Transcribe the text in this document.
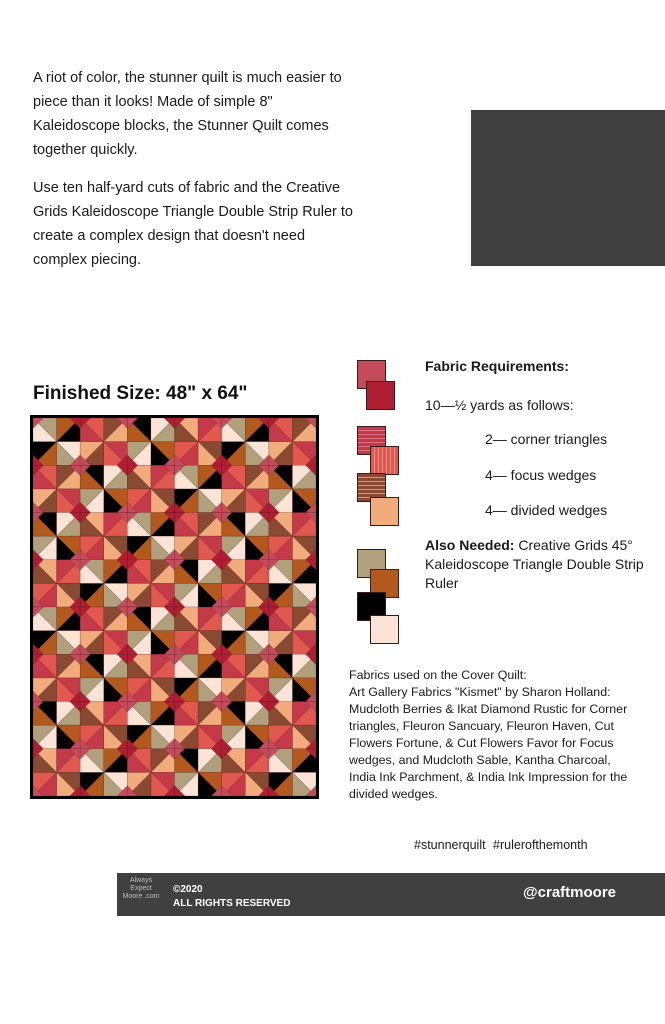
A riot of color, the stunner quilt is much easier to piece than it looks! Made of simple 8" Kaleidoscope blocks, the Stunner Quilt comes together quickly.

Use ten half-yard cuts of fabric and the Creative Grids Kaleidoscope Triangle Double Strip Ruler to create a complex design that doesn't need complex piecing.

Finished Size: 48" x 64"
Fabric Requirements:
10—½ yards as follows:
2— corner triangles
4— focus wedges
4— divided wedges
Also Needed: Creative Grids 45° Kaleidoscope Triangle Double Strip Ruler

Fabrics used on the Cover Quilt:

Art Gallery Fabrics "Kismet" by Sharon Holland: Mudcloth Berries & Ikat Diamond Rustic for Corner triangles, Fleuron Sancuary, Fleuron Haven, Cut Flowers Fortune, & Cut Flowers Favor for Focus wedges, and Mudcloth Sable, Kantha Charcoal, India Ink Parchment, & India Ink Impression for the divided wedges.

#stunnerquilt #rulerofthemonth
Always Expect Moore .com
©2020
ALL RIGHTS RESERVED
@craftmoore
